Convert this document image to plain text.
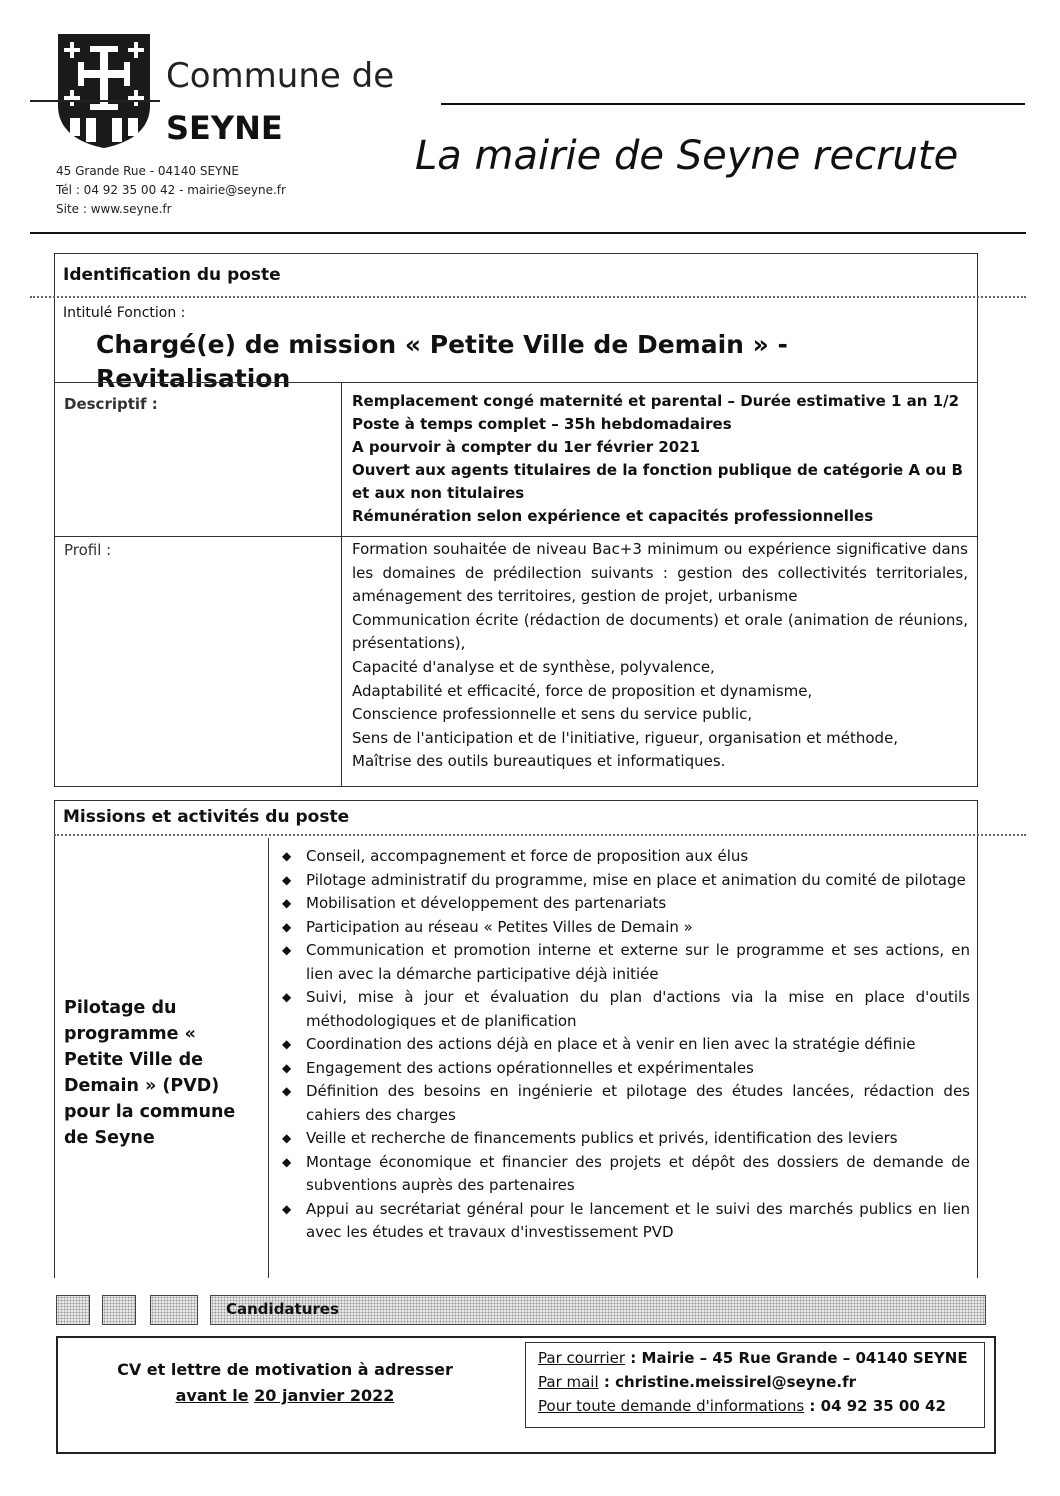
Commune de
SEYNE
45 Grande Rue - 04140 SEYNE
Tél : 04 92 35 00 42 - mairie@seyne.fr
Site : www.seyne.fr
La mairie de Seyne recrute
Identification du poste
Intitulé Fonction :
Chargé(e) de mission « Petite Ville de Demain » - Revitalisation
Descriptif :	Remplacement congé maternité et parental – Durée estimative 1 an 1/2
Poste à temps complet – 35h hebdomadaires
A pourvoir à compter du 1er février 2021
Ouvert aux agents titulaires de la fonction publique de catégorie A ou B et aux non titulaires
Rémunération selon expérience et capacités professionnelles
Profil :	Formation souhaitée de niveau Bac+3 minimum ou expérience significative dans les domaines de prédilection suivants : gestion des collectivités territoriales, aménagement des territoires, gestion de projet, urbanisme

Communication écrite (rédaction de documents) et orale (animation de réunions, présentations),

Capacité d'analyse et de synthèse, polyvalence,

Adaptabilité et efficacité, force de proposition et dynamisme,

Conscience professionnelle et sens du service public,

Sens de l'anticipation et de l'initiative, rigueur, organisation et méthode,

Maîtrise des outils bureautiques et informatiques.

Missions et activités du poste
Pilotage du programme « Petite Ville de Demain » (PVD) pour la commune de Seyne
◆ Conseil, accompagnement et force de proposition aux élus
◆ Pilotage administratif du programme, mise en place et animation du comité de pilotage
◆ Mobilisation et développement des partenariats
◆ Participation au réseau « Petites Villes de Demain »
◆ Communication et promotion interne et externe sur le programme et ses actions, en lien avec la démarche participative déjà initiée
◆ Suivi, mise à jour et évaluation du plan d'actions via la mise en place d'outils méthodologiques et de planification
◆ Coordination des actions déjà en place et à venir en lien avec la stratégie définie
◆ Engagement des actions opérationnelles et expérimentales
◆ Définition des besoins en ingénierie et pilotage des études lancées, rédaction des cahiers des charges
◆ Veille et recherche de financements publics et privés, identification des leviers
◆ Montage économique et financier des projets et dépôt des dossiers de demande de subventions auprès des partenaires
◆ Appui au secrétariat général pour le lancement et le suivi des marchés publics en lien avec les études et travaux d'investissement PVD
Candidatures
CV et lettre de motivation à adresser
avant le 20 janvier 2022
Par courrier : Mairie – 45 Rue Grande – 04140 SEYNE
Par mail : christine.meissirel@seyne.fr
Pour toute demande d'informations : 04 92 35 00 42
